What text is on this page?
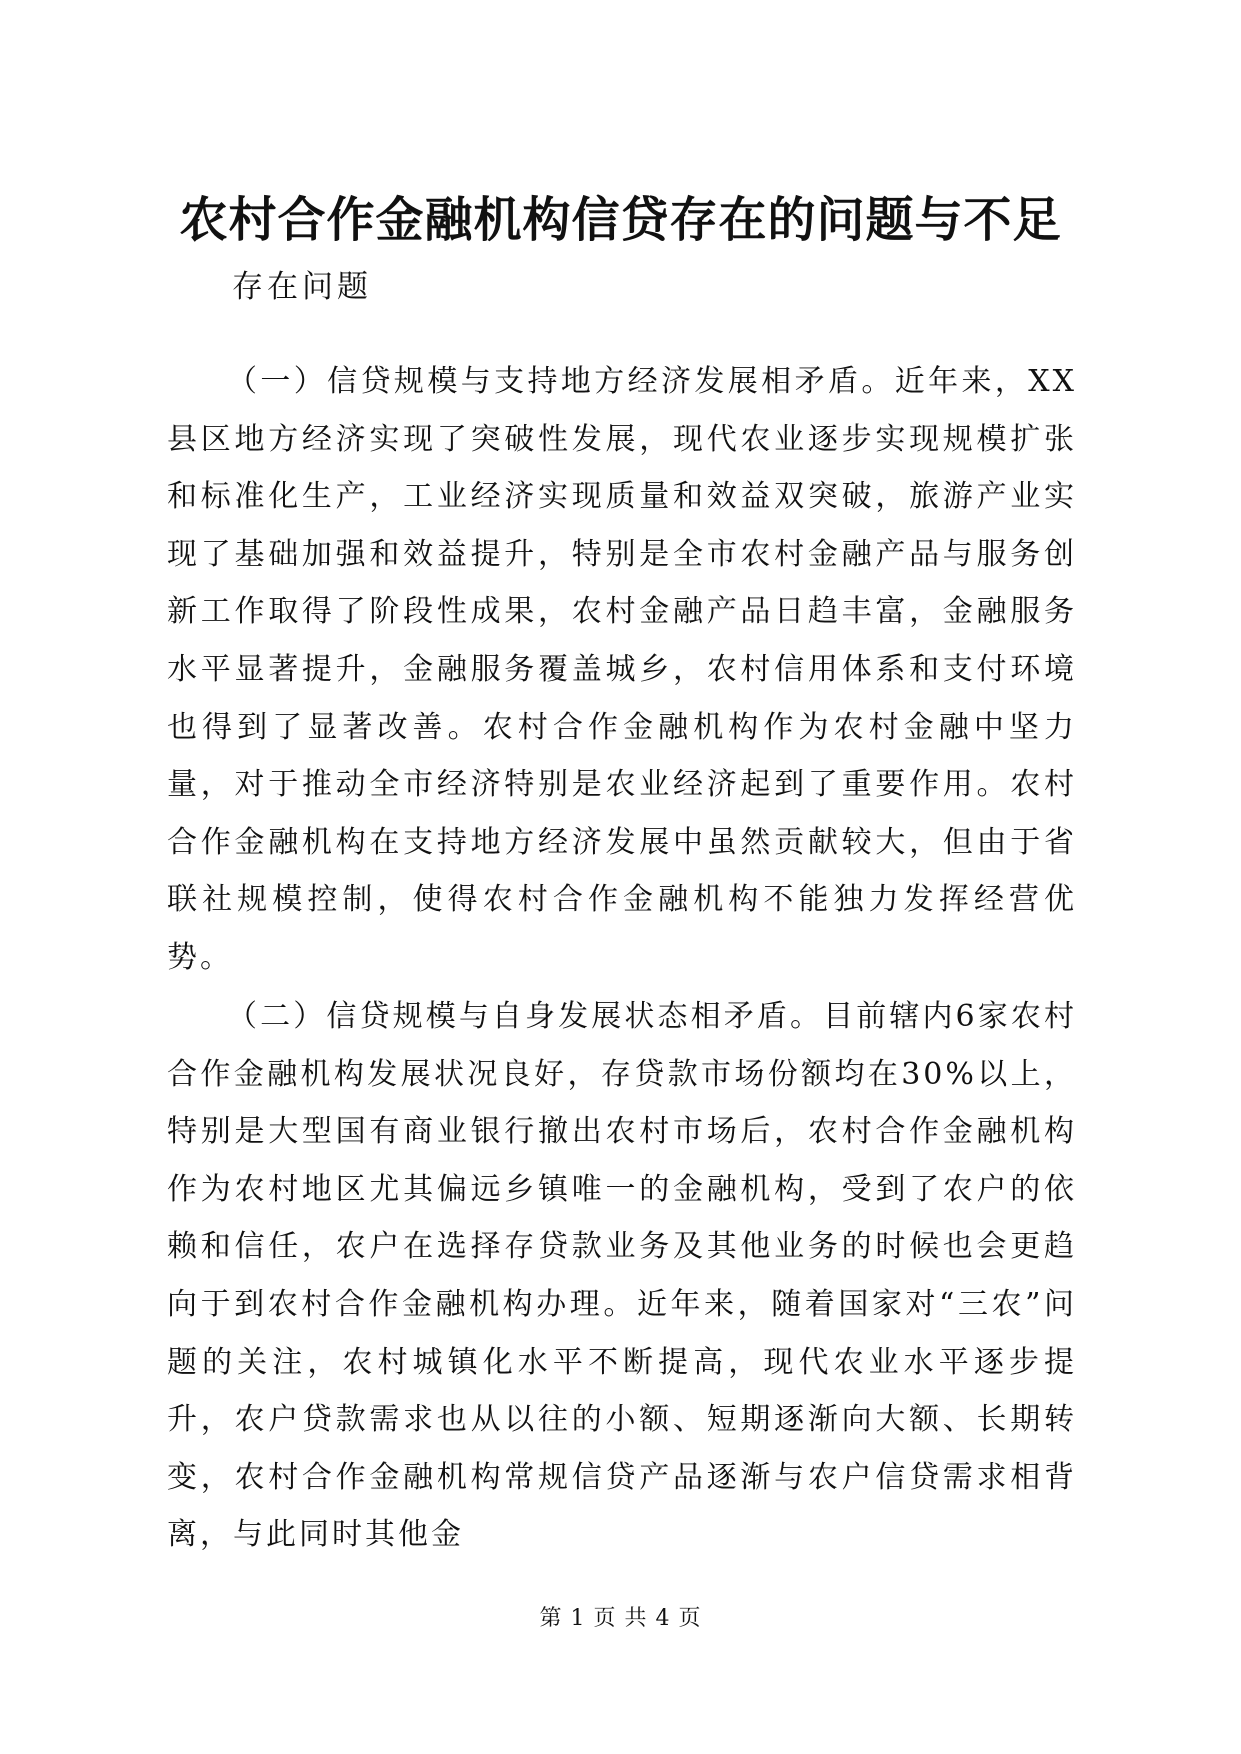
农村合作金融机构信贷存在的问题与不足

存在问题

（一）信贷规模与支持地方经济发展相矛盾。近年来，XX县区地方经济实现了突破性发展，现代农业逐步实现规模扩张和标准化生产，工业经济实现质量和效益双突破，旅游产业实现了基础加强和效益提升，特别是全市农村金融产品与服务创新工作取得了阶段性成果，农村金融产品日趋丰富，金融服务水平显著提升，金融服务覆盖城乡，农村信用体系和支付环境也得到了显著改善。农村合作金融机构作为农村金融中坚力量，对于推动全市经济特别是农业经济起到了重要作用。农村合作金融机构在支持地方经济发展中虽然贡献较大，但由于省联社规模控制，使得农村合作金融机构不能独力发挥经营优势。

（二）信贷规模与自身发展状态相矛盾。目前辖内6家农村合作金融机构发展状况良好，存贷款市场份额均在30%以上，特别是大型国有商业银行撤出农村市场后，农村合作金融机构作为农村地区尤其偏远乡镇唯一的金融机构，受到了农户的依赖和信任，农户在选择存贷款业务及其他业务的时候也会更趋向于到农村合作金融机构办理。近年来，随着国家对“三农”问题的关注，农村城镇化水平不断提高，现代农业水平逐步提升，农户贷款需求也从以往的小额、短期逐渐向大额、长期转变，农村合作金融机构常规信贷产品逐渐与农户信贷需求相背离，与此同时其他金

第 1 页 共 4 页
